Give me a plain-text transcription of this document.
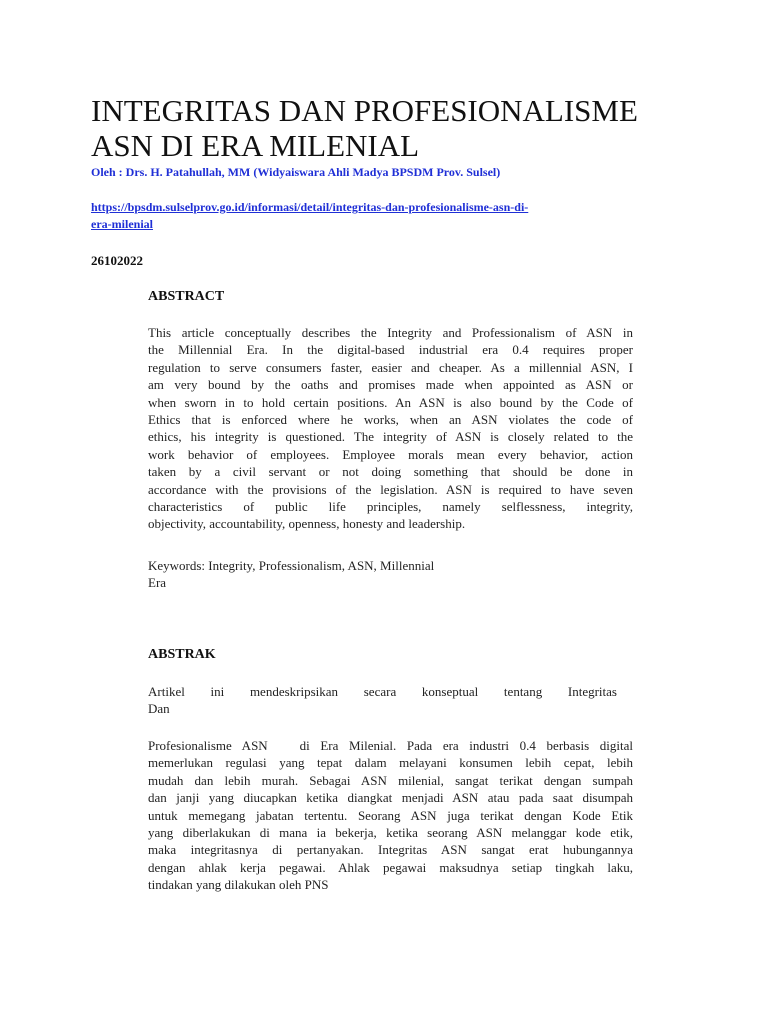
INTEGRITAS DAN PROFESIONALISME
ASN DI ERA MILENIAL

Oleh : Drs. H. Patahullah, MM (Widyaiswara Ahli Madya BPSDM Prov. Sulsel)

https://bpsdm.sulselprov.go.id/informasi/detail/integritas-dan-profesionalisme-asn-di-
era-milenial

26102022

ABSTRACT
This article conceptually describes the Integrity and Professionalism of ASN in
the Millennial Era. In the digital-based industrial era 0.4 requires proper
regulation to serve consumers faster, easier and cheaper. As a millennial ASN, I
am very bound by the oaths and promises made when appointed as ASN or
when sworn in to hold certain positions. An ASN is also bound by the Code of
Ethics that is enforced where he works, when an ASN violates the code of
ethics, his integrity is questioned. The integrity of ASN is closely related to the
work behavior of employees. Employee morals mean every behavior, action
taken by a civil servant or not doing something that should be done in
accordance with the provisions of the legislation. ASN is required to have seven
characteristics of public life principles, namely selflessness, integrity,
objectivity, accountability, openness, honesty and leadership.
Keywords: Integrity, Professionalism, ASN, Millennial
Era
ABSTRAK
Artikel ini mendeskripsikan secara konseptual tentang Integritas
Dan
Profesionalisme ASN   di Era Milenial. Pada era industri 0.4 berbasis digital
memerlukan regulasi yang tepat dalam melayani konsumen lebih cepat, lebih
mudah dan lebih murah. Sebagai ASN milenial, sangat terikat dengan sumpah
dan janji yang diucapkan ketika diangkat menjadi ASN atau pada saat disumpah
untuk memegang jabatan tertentu. Seorang ASN juga terikat dengan Kode Etik
yang diberlakukan di mana ia bekerja, ketika seorang ASN melanggar kode etik,
maka integritasnya di pertanyakan. Integritas ASN sangat erat hubungannya
dengan ahlak kerja pegawai. Ahlak pegawai maksudnya setiap tingkah laku,
tindakan yang dilakukan oleh PNS
